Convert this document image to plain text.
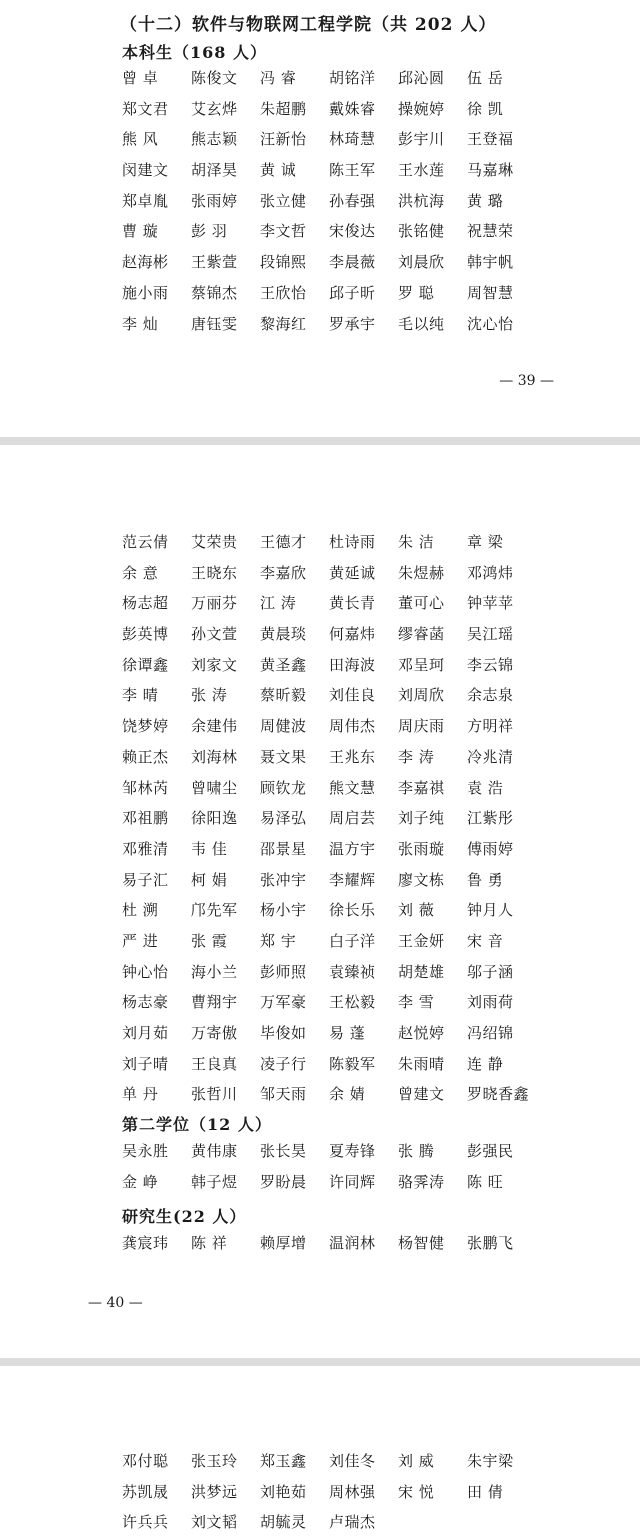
（十二）软件与物联网工程学院（共 202 人）
本科生（168 人）
曾 卓	陈俊文	冯 睿	胡铭洋	邱沁圆	伍 岳
郑文君	艾玄烨	朱超鹏	戴姝睿	操婉婷	徐 凯
熊 风	熊志颖	汪新怡	林琦慧	彭宇川	王登福
闵建文	胡泽昊	黄 诚	陈王军	王水莲	马嘉琳
郑卓胤	张雨婷	张立健	孙春强	洪杭海	黄 璐
曹 璇	彭 羽	李文哲	宋俊达	张铭健	祝慧荣
赵海彬	王紫萱	段锦熙	李晨薇	刘晨欣	韩宇帆
施小雨	蔡锦杰	王欣怡	邱子昕	罗 聪	周智慧
李 灿	唐钰雯	黎海红	罗承宇	毛以纯	沈心怡
— 39 —
范云倩	艾荣贵	王德才	杜诗雨	朱 洁	章 梁
余 意	王晓东	李嘉欣	黄延诚	朱煜赫	邓鸿炜
杨志超	万丽芬	江 涛	黄长青	董可心	钟苹苹
彭英博	孙文萱	黄晨琰	何嘉炜	缪睿菡	吴江瑶
徐谭鑫	刘家文	黄圣鑫	田海波	邓呈珂	李云锦
李 晴	张 涛	蔡昕毅	刘佳良	刘周欣	余志泉
饶梦婷	余建伟	周健波	周伟杰	周庆雨	方明祥
赖正杰	刘海林	聂文果	王兆东	李 涛	冷兆清
邹林芮	曾啸尘	顾钦龙	熊文慧	李嘉祺	袁 浩
邓祖鹏	徐阳逸	易泽弘	周启芸	刘子纯	江紫彤
邓雅清	韦 佳	邵景星	温方宇	张雨璇	傅雨婷
易子汇	柯 娟	张冲宇	李耀辉	廖文栋	鲁 勇
杜 溯	邝先军	杨小宇	徐长乐	刘 薇	钟月人
严 进	张 霞	郑 宇	白子洋	王金妍	宋 音
钟心怡	海小兰	彭师照	袁臻祯	胡楚雄	邬子涵
杨志豪	曹翔宇	万军豪	王松毅	李 雪	刘雨荷
刘月茹	万寄傲	毕俊如	易 蓬	赵悦婷	冯绍锦
刘子晴	王良真	凌子行	陈毅军	朱雨晴	连 静
单 丹	张哲川	邹天雨	余 婧	曾建文	罗晓香鑫
第二学位（12 人）
吴永胜	黄伟康	张长昊	夏寿锋	张 腾	彭强民
金 峥	韩子煜	罗盼晨	许同辉	骆霁涛	陈 旺
研究生(22 人）
龚宸玮	陈 祥	赖厚增	温润林	杨智健	张鹏飞
— 40 —
邓付聪	张玉玲	郑玉鑫	刘佳冬	刘 威	朱宇梁
苏凯晟	洪梦远	刘艳茹	周林强	宋 悦	田 倩
许兵兵	刘文韬	胡毓灵	卢瑞杰
